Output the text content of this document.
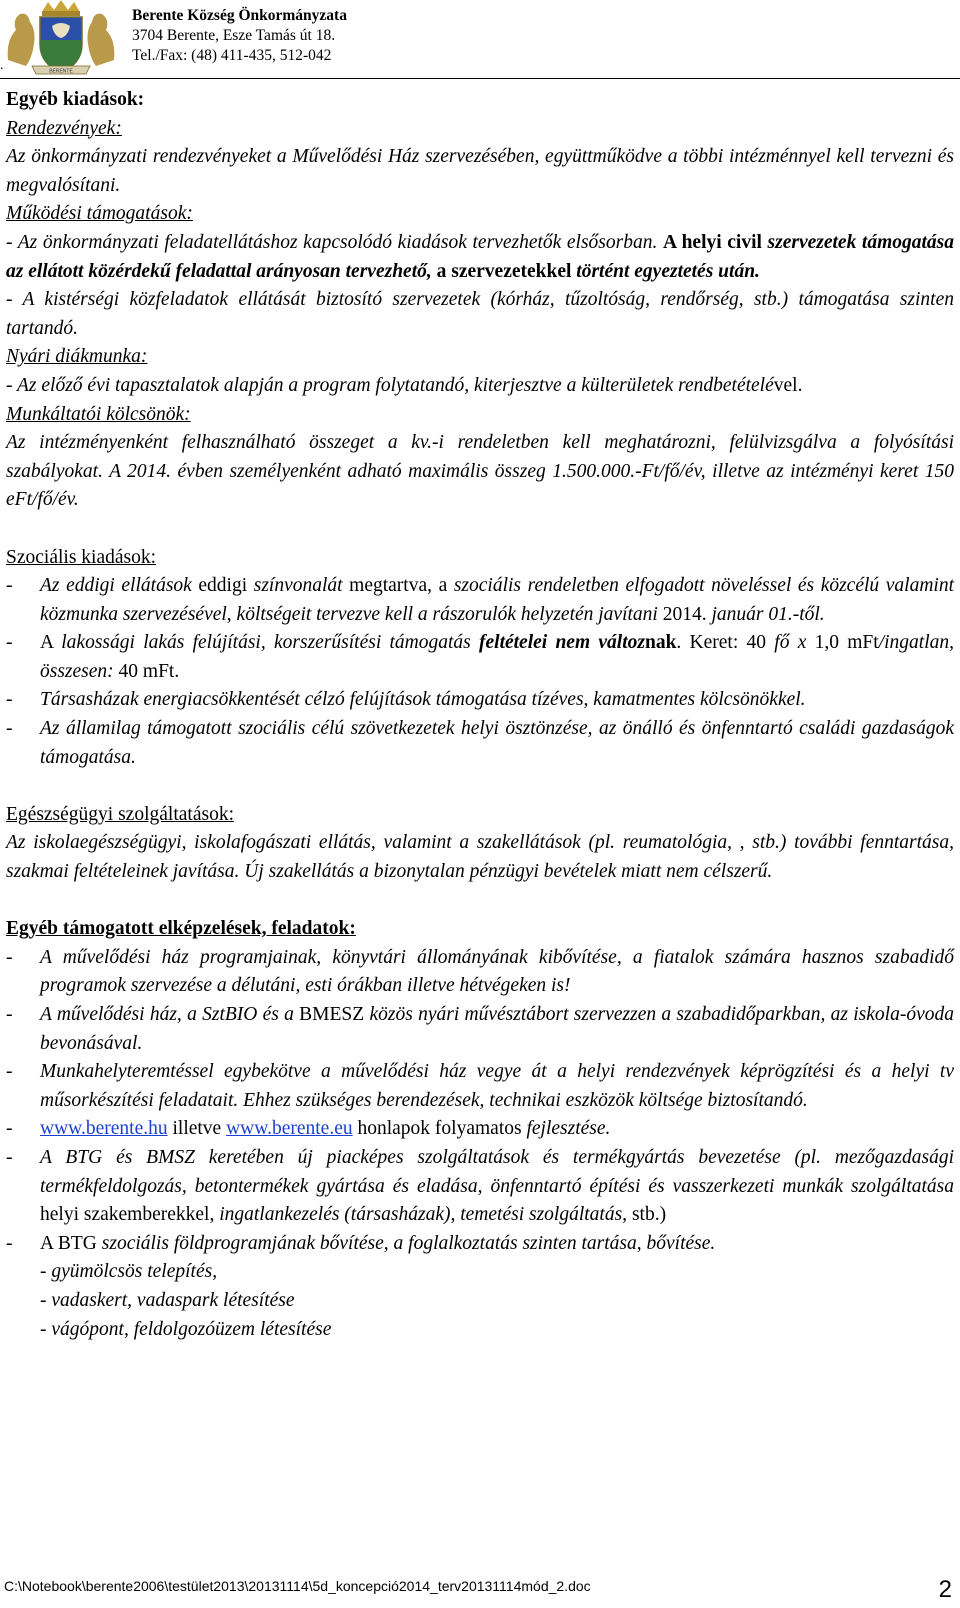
BERENTE
.
Berente Község Önkormányzata
3704 Berente, Esze Tamás út 18.
Tel./Fax: (48) 411-435, 512-042

Egyéb kiadások:

Rendezvények:

Az önkormányzati rendezvényeket a Művelődési Ház szervezésében, együttműködve a többi intézménnyel kell tervezni és megvalósítani.

Működési támogatások:

- Az önkormányzati feladatellátáshoz kapcsolódó kiadások tervezhetők elsősorban. A helyi civil szervezetek támogatása az ellátott közérdekű feladattal arányosan tervezhető, a szervezetekkel történt egyeztetés után.

- A kistérségi közfeladatok ellátását biztosító szervezetek (kórház, tűzoltóság, rendőrség, stb.) támogatása szinten tartandó.

Nyári diákmunka:

- Az előző évi tapasztalatok alapján a program folytatandó, kiterjesztve a külterületek rendbetételével.

Munkáltatói kölcsönök:

Az intézményenként felhasználható összeget a kv.-i rendeletben kell meghatározni, felülvizsgálva a folyósítási szabályokat. A 2014. évben személyenként adható maximális összeg 1.500.000.-Ft/fő/év, illetve az intézményi keret 150 eFt/fő/év.

Szociális kiadások:

-	Az eddigi ellátások eddigi színvonalát megtartva, a szociális rendeletben elfogadott növeléssel és közcélú valamint közmunka szervezésével, költségeit tervezve kell a rászorulók helyzetén javítani 2014. január 01.-től.
-	A lakossági lakás felújítási, korszerűsítési támogatás feltételei nem változnak. Keret: 40 fő x 1,0 mFt/ingatlan, összesen: 40 mFt.
-	Társasházak energiacsökkentését célzó felújítások támogatása tízéves, kamatmentes kölcsönökkel.
-	Az államilag támogatott szociális célú szövetkezetek helyi ösztönzése, az önálló és önfenntartó családi gazdaságok támogatása.

Egészségügyi szolgáltatások:

Az iskolaegészségügyi, iskolafogászati ellátás, valamint a szakellátások (pl. reumatológia, , stb.) további fenntartása, szakmai feltételeinek javítása. Új szakellátás a bizonytalan pénzügyi bevételek miatt nem célszerű.

Egyéb támogatott elképzelések, feladatok:

-	A művelődési ház programjainak, könyvtári állományának kibővítése, a fiatalok számára hasznos szabadidő programok szervezése a délutáni, esti órákban illetve hétvégeken is!
-	A művelődési ház, a SztBIO és a BMESZ közös nyári művésztábort szervezzen a szabadidőparkban, az iskola-óvoda bevonásával.
-	Munkahelyteremtéssel egybekötve a művelődési ház vegye át a helyi rendezvények képrögzítési és a helyi tv műsorkészítési feladatait. Ehhez szükséges berendezések, technikai eszközök költsége biztosítandó.
-	www.berente.hu illetve www.berente.eu honlapok folyamatos fejlesztése.
-	A BTG és BMSZ keretében új piacképes szolgáltatások és termékgyártás bevezetése (pl. mezőgazdasági termékfeldolgozás, betontermékek gyártása és eladása, önfenntartó építési és vasszerkezeti munkák szolgáltatása helyi szakemberekkel, ingatlankezelés (társasházak), temetési szolgáltatás, stb.)
-	A BTG szociális földprogramjának bővítése, a foglalkoztatás szinten tartása, bővítése.
- gyümölcsös telepítés,
- vadaskert, vadaspark létesítése
- vágópont, feldolgozóüzem létesítése
C:\Notebook\berente2006\testület2013\20131114\5d_koncepció2014_terv20131114mód_2.doc	2
